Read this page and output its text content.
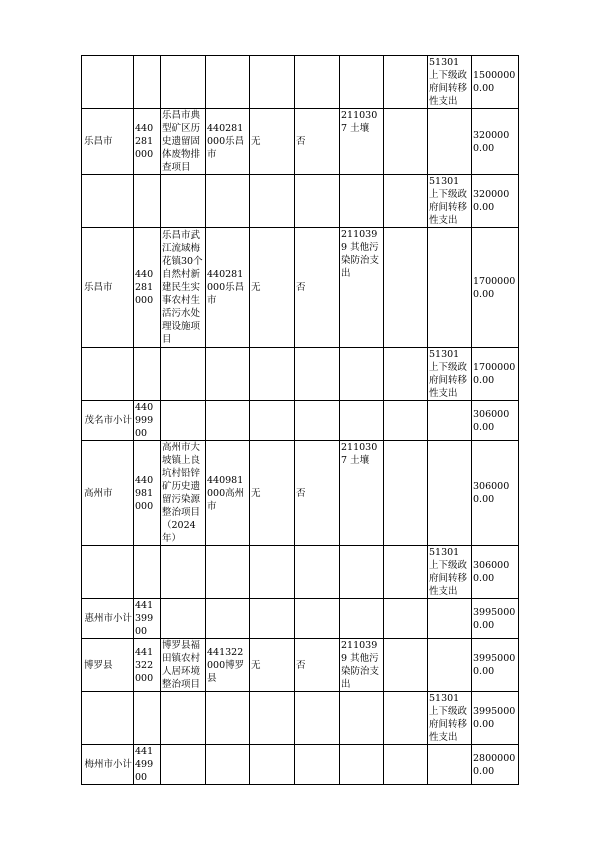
								51301 上下级政府间转移性支出	15000000.00
乐昌市	440281000	乐昌市典型矿区历史遗留固体废物排查项目	440281000乐昌市	无	否	2110307 土壤			3200000.00
								51301 上下级政府间转移性支出	3200000.00
乐昌市	440281000	乐昌市武江流域梅花镇30个自然村新建民生实事农村生活污水处理设施项目	440281000乐昌市	无	否	2110399 其他污染防治支出			17000000.00
								51301 上下级政府间转移性支出	17000000.00
茂名市小计	44099900								3060000.00
高州市	440981000	高州市大坡镇上良坑村铅锌矿历史遗留污染源整治项目（2024年）	440981000高州市	无	否	2110307 土壤			3060000.00
								51301 上下级政府间转移性支出	3060000.00
惠州市小计	44139900								39950000.00
博罗县	441322000	博罗县福田镇农村人居环境整治项目	441322000博罗县	无	否	2110399 其他污染防治支出			39950000.00
								51301 上下级政府间转移性支出	39950000.00
梅州市小计	44149900								28000000.00
